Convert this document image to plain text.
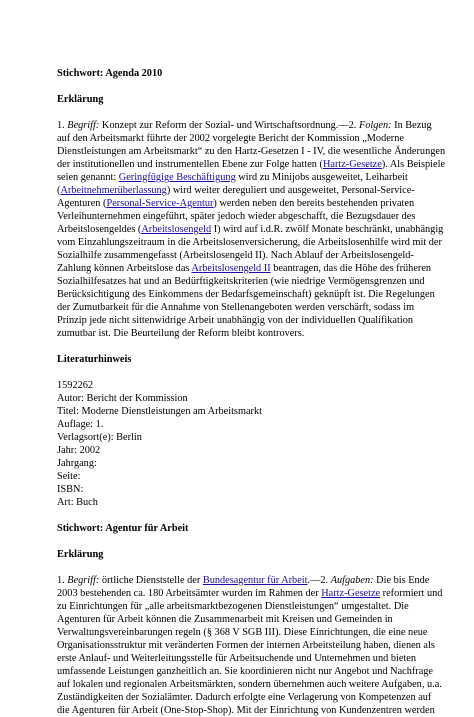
Stichwort: Agenda 2010
Erklärung
1. Begriff: Konzept zur Reform der Sozial- und Wirtschaftsordnung.—2. Folgen: In Bezug
auf den Arbeitsmarkt führte der 2002 vorgelegte Bericht der Kommission „Moderne
Dienstleistungen am Arbeitsmarkt“ zu den Hartz-Gesetzen I - IV, die wesentliche Änderungen
der institutionellen und instrumentellen Ebene zur Folge hatten (Hartz-Gesetze). Als Beispiele
seien genannt: Geringfügige Beschäftigung wird zu Minijobs ausgeweitet, Leiharbeit
(Arbeitnehmerüberlassung) wird weiter dereguliert und ausgeweitet, Personal-Service-
Agenturen (Personal-Service-Agentur) werden neben den bereits bestehenden privaten
Verleihunternehmen eingeführt, später jedoch wieder abgeschafft, die Bezugsdauer des
Arbeitslosengeldes (Arbeitslosengeld I) wird auf i.d.R. zwölf Monate beschränkt, unabhängig
vom Einzahlungszeitraum in die Arbeitslosenversicherung, die Arbeitslosenhilfe wird mit der
Sozialhilfe zusammengefasst (Arbeitslosengeld II). Nach Ablauf der Arbeitslosengeld-
Zahlung können Arbeitslose das Arbeitslosengeld II beantragen, das die Höhe des früheren
Sozialhilfesatzes hat und an Bedürftigkeitskriterien (wie niedrige Vermögensgrenzen und
Berücksichtigung des Einkommens der Bedarfsgemeinschaft) geknüpft ist. Die Regelungen
der Zumutbarkeit für die Annahme von Stellenangeboten werden verschärft, sodass im
Prinzip jede nicht sittenwidrige Arbeit unabhängig von der individuellen Qualifikation
zumutbar ist. Die Beurteilung der Reform bleibt kontrovers.
Literaturhinweis
1592262
Autor: Bericht der Kommission
Titel: Moderne Dienstleistungen am Arbeitsmarkt
Auflage: 1.
Verlagsort(e): Berlin
Jahr: 2002
Jahrgang:
Seite:
ISBN:
Art: Buch
Stichwort: Agentur für Arbeit
Erklärung
1. Begriff: örtliche Dienststelle der Bundesagentur für Arbeit.—2. Aufgaben: Die bis Ende
2003 bestehenden ca. 180 Arbeitsämter wurden im Rahmen der Hartz-Gesetze reformiert und
zu Einrichtungen für „alle arbeitsmarktbezogenen Dienstleistungen“ umgestaltet. Die
Agenturen für Arbeit können die Zusammenarbeit mit Kreisen und Gemeinden in
Verwaltungsvereinbarungen regeln (§ 368 V SGB III). Diese Einrichtungen, die eine neue
Organisationsstruktur mit veränderten Formen der internen Arbeitsteilung haben, dienen als
erste Anlauf- und Weiterleitungsstelle für Arbeitsuchende und Unternehmen und bieten
umfassende Leistungen ganzheitlich an. Sie koordinieren nicht nur Angebot und Nachfrage
auf lokalen und regionalen Arbeitsmärkten, sondern übernehmen auch weitere Aufgaben, u.a.
Zuständigkeiten der Sozialämter. Dadurch erfolgte eine Verlagerung von Kompetenzen auf
die Agenturen für Arbeit (One-Stop-Shop). Mit der Einrichtung von Kundenzentren werden
